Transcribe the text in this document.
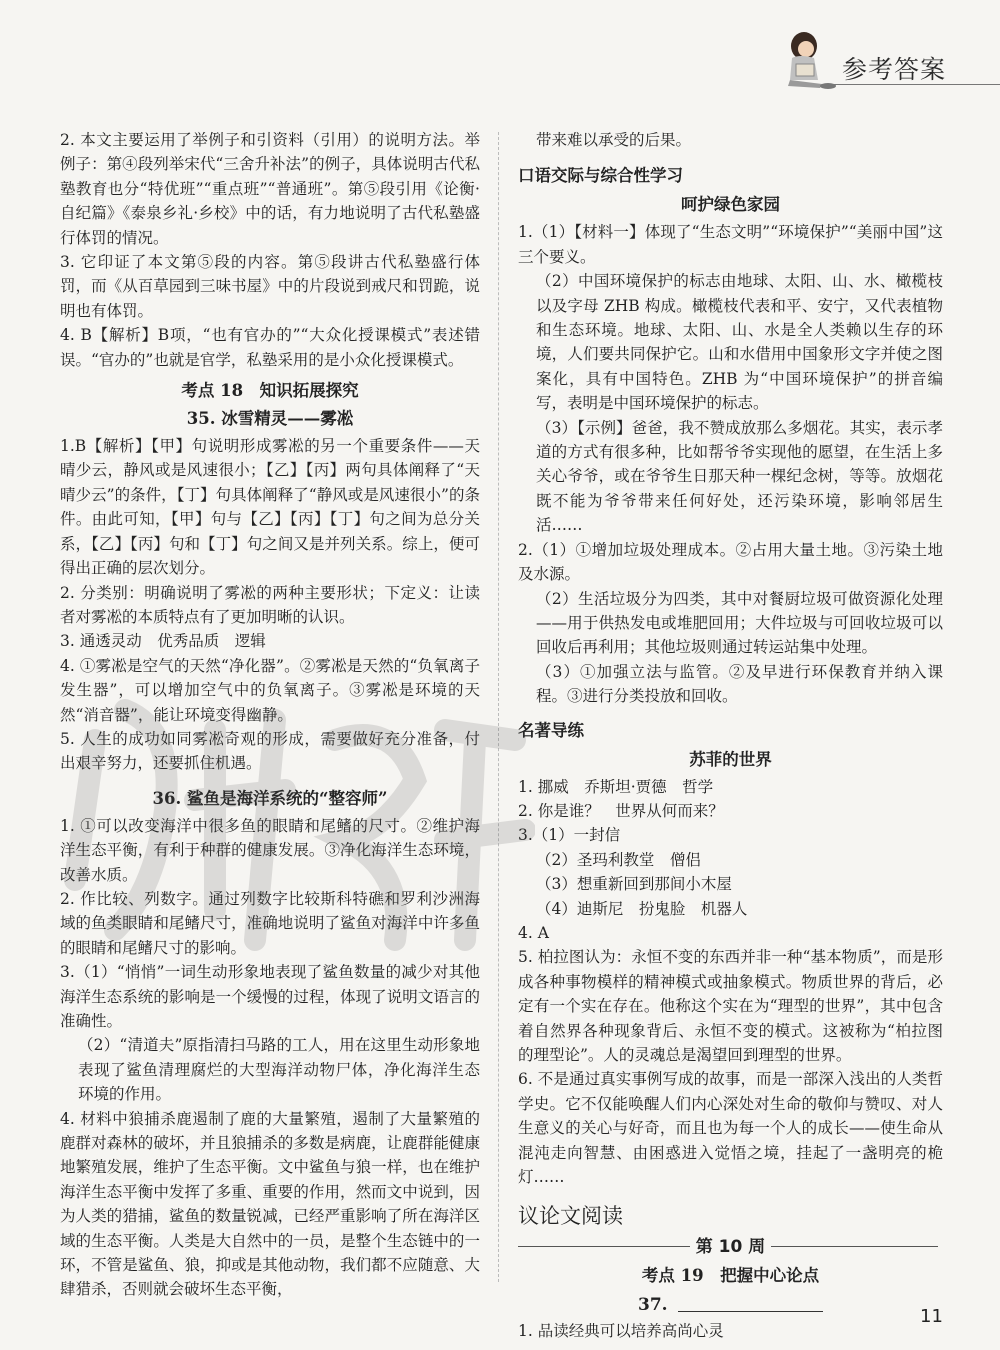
参考答案

2. 本文主要运用了举例子和引资料（引用）的说明方法。举例子：第④段列举宋代“三舍升补法”的例子，具体说明古代私塾教育也分“特优班”“重点班”“普通班”。第⑤段引用《论衡·自纪篇》《泰泉乡礼·乡校》中的话，有力地说明了古代私塾盛行体罚的情况。

3. 它印证了本文第⑤段的内容。第⑤段讲古代私塾盛行体罚，而《从百草园到三味书屋》中的片段说到戒尺和罚跪，说明也有体罚。

4. B【解析】B项，“也有官办的”“大众化授课模式”表述错误。“官办的”也就是官学，私塾采用的是小众化授课模式。

考点 18　知识拓展探究
35. 冰雪精灵——雾凇

1.B【解析】【甲】句说明形成雾凇的另一个重要条件——天晴少云，静风或是风速很小；【乙】【丙】两句具体阐释了“天晴少云”的条件，【丁】句具体阐释了“静风或是风速很小”的条件。由此可知，【甲】句与【乙】【丙】【丁】句之间为总分关系，【乙】【丙】句和【丁】句之间又是并列关系。综上，便可得出正确的层次划分。

2. 分类别：明确说明了雾凇的两种主要形状；下定义：让读者对雾凇的本质特点有了更加明晰的认识。

3. 通透灵动　优秀品质　逻辑

4. ①雾凇是空气的天然“净化器”。②雾凇是天然的“负氧离子发生器”，可以增加空气中的负氧离子。③雾凇是环境的天然“消音器”，能让环境变得幽静。

5. 人生的成功如同雾凇奇观的形成，需要做好充分准备，付出艰辛努力，还要抓住机遇。

36. 鲨鱼是海洋系统的“整容师”

1. ①可以改变海洋中很多鱼的眼睛和尾鳍的尺寸。②维护海洋生态平衡，有利于种群的健康发展。③净化海洋生态环境，改善水质。

2. 作比较、列数字。通过列数字比较斯科特礁和罗利沙洲海域的鱼类眼睛和尾鳍尺寸，准确地说明了鲨鱼对海洋中许多鱼的眼睛和尾鳍尺寸的影响。

3.（1）“悄悄”一词生动形象地表现了鲨鱼数量的减少对其他海洋生态系统的影响是一个缓慢的过程，体现了说明文语言的准确性。

（2）“清道夫”原指清扫马路的工人，用在这里生动形象地表现了鲨鱼清理腐烂的大型海洋动物尸体，净化海洋生态环境的作用。

4. 材料中狼捕杀鹿遏制了鹿的大量繁殖，遏制了大量繁殖的鹿群对森林的破坏，并且狼捕杀的多数是病鹿，让鹿群能健康地繁殖发展，维护了生态平衡。文中鲨鱼与狼一样，也在维护海洋生态平衡中发挥了多重、重要的作用，然而文中说到，因为人类的猎捕，鲨鱼的数量锐减，已经严重影响了所在海洋区域的生态平衡。人类是大自然中的一员，是整个生态链中的一环，不管是鲨鱼、狼，抑或是其他动物，我们都不应随意、大肆猎杀，否则就会破坏生态平衡，

带来难以承受的后果。

口语交际与综合性学习
呵护绿色家园

1.（1）【材料一】体现了“生态文明”“环境保护”“美丽中国”这三个要义。

（2）中国环境保护的标志由地球、太阳、山、水、橄榄枝以及字母 ZHB 构成。橄榄枝代表和平、安宁，又代表植物和生态环境。地球、太阳、山、水是全人类赖以生存的环境，人们要共同保护它。山和水借用中国象形文字并使之图案化，具有中国特色。ZHB 为“中国环境保护”的拼音编写，表明是中国环境保护的标志。

（3）【示例】爸爸，我不赞成放那么多烟花。其实，表示孝道的方式有很多种，比如帮爷爷实现他的愿望，在生活上多关心爷爷，或在爷爷生日那天种一棵纪念树，等等。放烟花既不能为爷爷带来任何好处，还污染环境，影响邻居生活……

2.（1）①增加垃圾处理成本。②占用大量土地。③污染土地及水源。

（2）生活垃圾分为四类，其中对餐厨垃圾可做资源化处理——用于供热发电或堆肥回用；大件垃圾与可回收垃圾可以回收后再利用；其他垃圾则通过转运站集中处理。

（3）①加强立法与监管。②及早进行环保教育并纳入课程。③进行分类投放和回收。

名著导练
苏菲的世界

1. 挪威　乔斯坦·贾德　哲学

2. 你是谁？　世界从何而来？

3.（1）一封信

（2）圣玛利教堂　僧侣

（3）想重新回到那间小木屋

（4）迪斯尼　扮鬼脸　机器人

4. A

5. 柏拉图认为：永恒不变的东西并非一种“基本物质”，而是形成各种事物模样的精神模式或抽象模式。物质世界的背后，必定有一个实在存在。他称这个实在为“理型的世界”，其中包含着自然界各种现象背后、永恒不变的模式。这被称为“柏拉图的理型论”。人的灵魂总是渴望回到理型的世界。

6. 不是通过真实事例写成的故事，而是一部深入浅出的人类哲学史。它不仅能唤醒人们内心深处对生命的敬仰与赞叹、对人生意义的关心与好奇，而且也为每一个人的成长——使生命从混沌走向智慧、由困惑进入觉悟之境，挂起了一盏明亮的桅灯……

议论文阅读
第 10 周
考点 19　把握中心论点
37.

1. 品读经典可以培养高尚心灵

11
